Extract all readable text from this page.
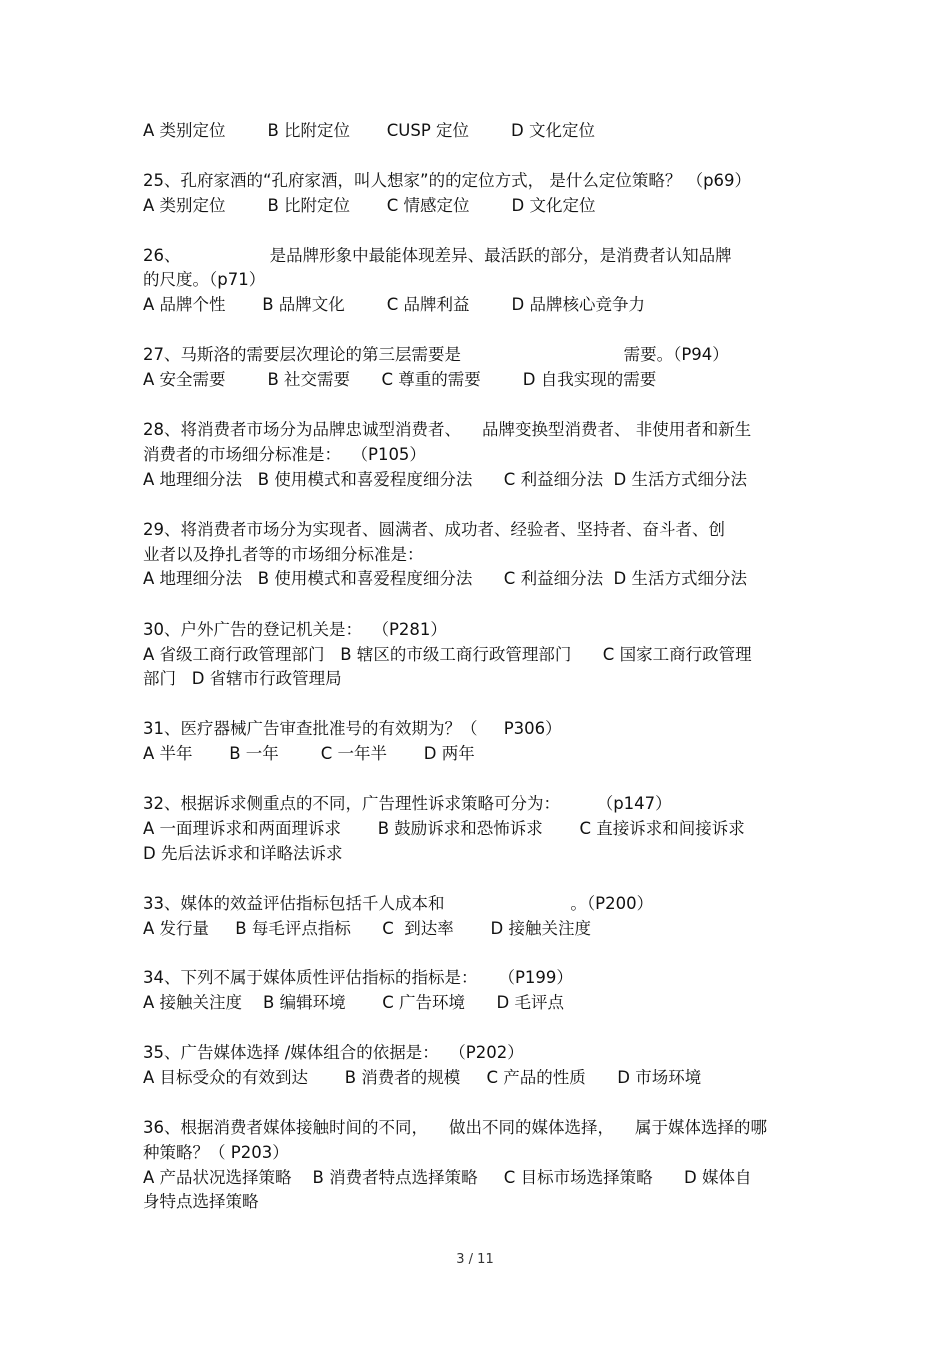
A 类别定位        B 比附定位       CUSP 定位        D 文化定位
25、孔府家酒的“孔府家酒，叫人想家”的的定位方式， 是什么定位策略？ （p69）
A 类别定位        B 比附定位       C 情感定位        D 文化定位
26、                 是品牌形象中最能体现差异、最活跃的部分，是消费者认知品牌
的尺度。（p71）
A 品牌个性       B 品牌文化        C 品牌利益        D 品牌核心竞争力
27、马斯洛的需要层次理论的第三层需要是                               需要。（P94）
A 安全需要        B 社交需要      C 尊重的需要        D 自我实现的需要
28、将消费者市场分为品牌忠诚型消费者、    品牌变换型消费者、 非使用者和新生
消费者的市场细分标准是：  （P105）
A 地理细分法   B 使用模式和喜爱程度细分法      C 利益细分法  D 生活方式细分法
29、将消费者市场分为实现者、圆满者、成功者、经验者、坚持者、奋斗者、创
业者以及挣扎者等的市场细分标准是：
A 地理细分法   B 使用模式和喜爱程度细分法      C 利益细分法  D 生活方式细分法
30、户外广告的登记机关是：  （P281）
A 省级工商行政管理部门   B 辖区的市级工商行政管理部门      C 国家工商行政管理
部门   D 省辖市行政管理局
31、医疗器械广告审查批准号的有效期为？（     P306）
A 半年       B 一年        C 一年半       D 两年
32、根据诉求侧重点的不同，广告理性诉求策略可分为：       （p147）
A 一面理诉求和两面理诉求       B 鼓励诉求和恐怖诉求       C 直接诉求和间接诉求
D 先后法诉求和详略法诉求
33、媒体的效益评估指标包括千人成本和                        。（P200）
A 发行量     B 每毛评点指标      C  到达率       D 接触关注度
34、下列不属于媒体质性评估指标的指标是：    （P199）
A 接触关注度    B 编辑环境       C 广告环境      D 毛评点
35、广告媒体选择 /媒体组合的依据是：  （P202）
A 目标受众的有效到达       B 消费者的规模     C 产品的性质      D 市场环境
36、根据消费者媒体接触时间的不同，    做出不同的媒体选择，    属于媒体选择的哪
种策略？（ P203）
A 产品状况选择策略    B 消费者特点选择策略     C 目标市场选择策略      D 媒体自
身特点选择策略
3 / 11
